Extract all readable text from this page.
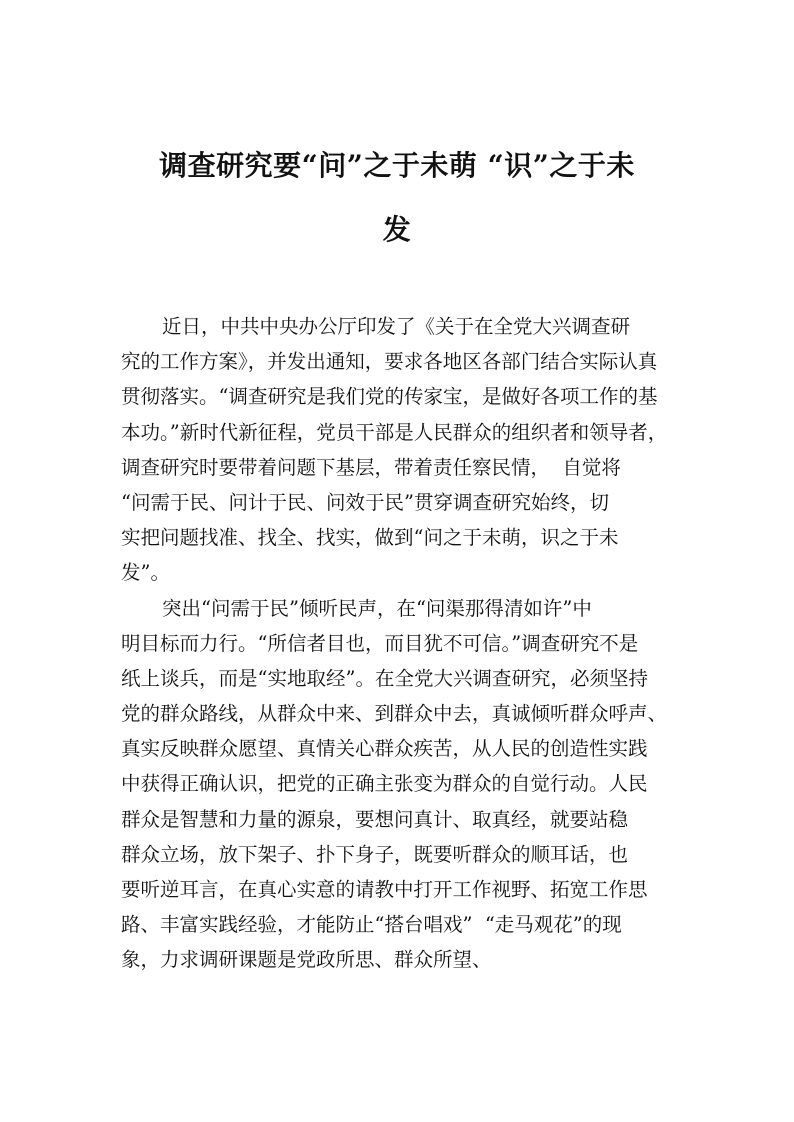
调查研究要“问”之于未萌 “识”之于未
发
近日，中共中央办公厅印发了《关于在全党大兴调查研
究的工作方案》，并发出通知，要求各地区各部门结合实际认真
贯彻落实。“调查研究是我们党的传家宝，是做好各项工作的基
本功。”新时代新征程，党员干部是人民群众的组织者和领导者，
调查研究时要带着问题下基层，带着责任察民情，  自觉将
“问需于民、问计于民、问效于民”贯穿调查研究始终，切
实把问题找准、找全、找实，做到“问之于未萌，识之于未
发”。
突出“问需于民”倾听民声，在“问渠那得清如许”中
明目标而力行。“所信者目也，而目犹不可信。”调查研究不是
纸上谈兵，而是“实地取经”。在全党大兴调查研究，必须坚持
党的群众路线，从群众中来、到群众中去，真诚倾听群众呼声、
真实反映群众愿望、真情关心群众疾苦，从人民的创造性实践
中获得正确认识，把党的正确主张变为群众的自觉行动。人民
群众是智慧和力量的源泉，要想问真计、取真经，就要站稳
群众立场，放下架子、扑下身子，既要听群众的顺耳话，也
要听逆耳言，在真心实意的请教中打开工作视野、拓宽工作思
路、丰富实践经验，才能防止“搭台唱戏”  “走马观花”的现
象，力求调研课题是党政所思、群众所望、
